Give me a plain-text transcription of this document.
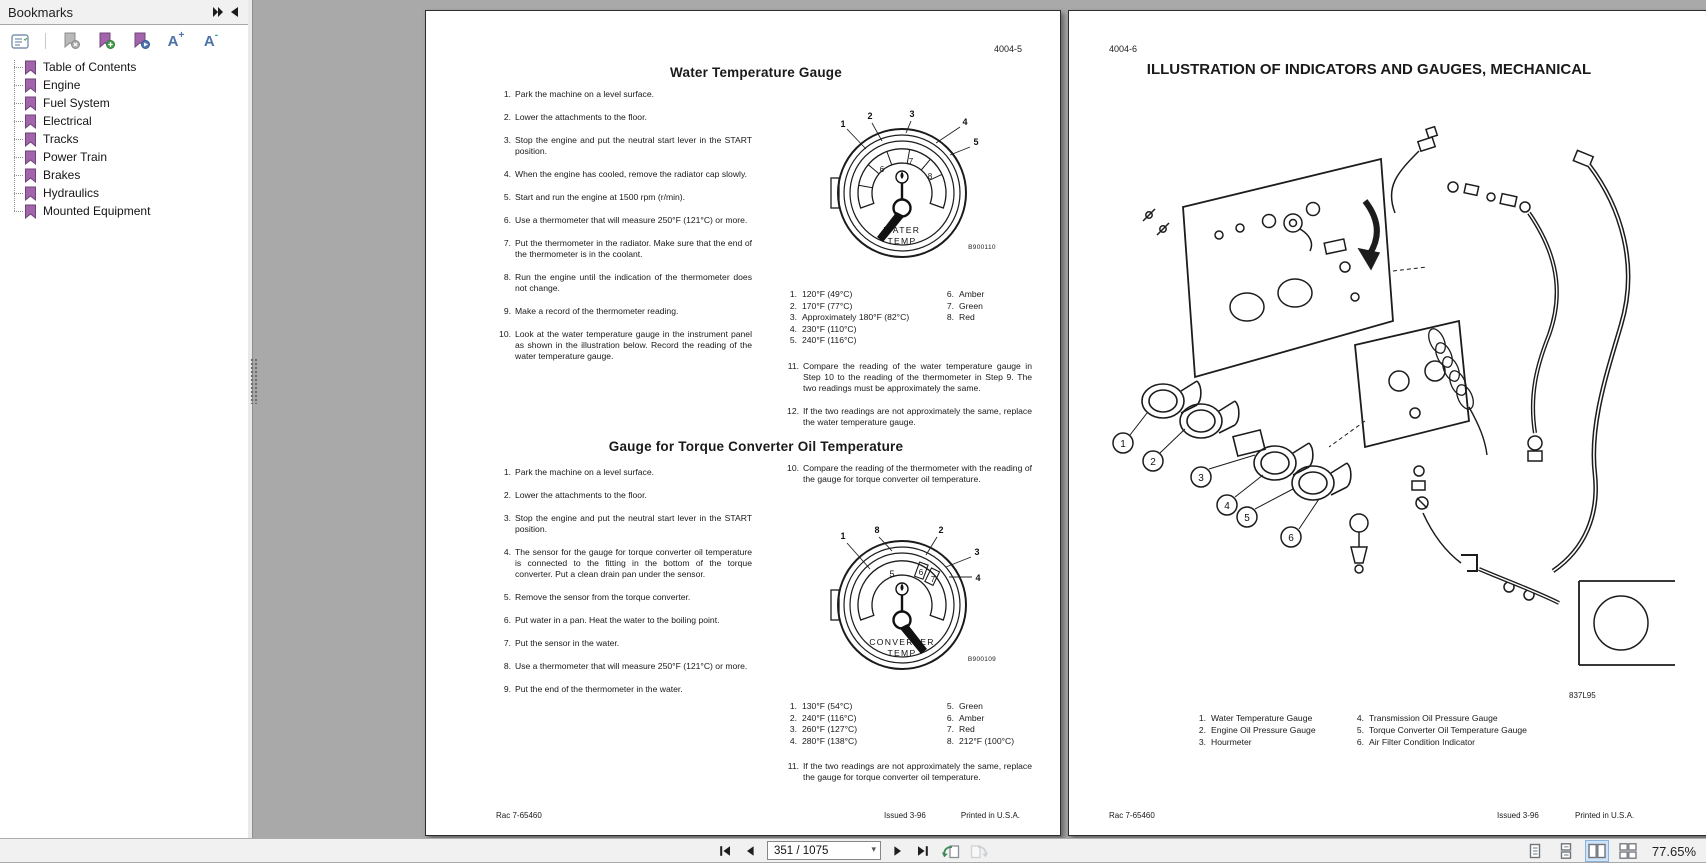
Bookmarks
A + A -
Table of Contents
Engine
Fuel System
Electrical
Tracks
Power Train
Brakes
Hydraulics
Mounted Equipment
4004-5
Water Temperature Gauge
1. Park the machine on a level surface.
2. Lower the attachments to the floor.
3. Stop the engine and put the neutral start lever in the START position.
4. When the engine has cooled, remove the radiator cap slowly.
5. Start and run the engine at 1500 rpm (r/min).
6. Use a thermometer that will measure 250°F (121°C) or more.
7. Put the thermometer in the radiator. Make sure that the end of the thermometer is in the coolant.
8. Run the engine until the indication of the thermometer does not change.
9. Make a record of the thermometer reading.
10. Look at the water temperature gauge in the instrument panel as shown in the illustration below. Record the reading of the water temperature gauge.
1
2	3
4
5
6
7
8
WATER
TEMP
B900110
1. 120°F (49°C)
2. 170°F (77°C)
3. Approximately 180°F (82°C)
4. 230°F (110°C)
5. 240°F (116°C)
6. Amber
7. Green
8. Red
11. Compare the reading of the water temperature gauge in Step 10 to the reading of the thermometer in Step 9. The two readings must be approximately the same.
12. If the two readings are not approximately the same, replace the water temperature gauge.
Gauge for Torque Converter Oil Temperature
1. Park the machine on a level surface.
2. Lower the attachments to the floor.
3. Stop the engine and put the neutral start lever in the START position.
4. The sensor for the gauge for torque converter oil temperature is connected to the fitting in the bottom of the torque converter. Put a clean drain pan under the sensor.
5. Remove the sensor from the torque converter.
6. Put water in a pan. Heat the water to the boiling point.
7. Put the sensor in the water.
8. Use a thermometer that will measure 250°F (121°C) or more.
9. Put the end of the thermometer in the water.
10. Compare the reading of the thermometer with the reading of the gauge for torque converter oil temperature.
1
8	2
3
4
5	6
7
CONVERTER
TEMP
B900109
1. 130°F (54°C)
2. 240°F (116°C)
3. 260°F (127°C)
4. 280°F (138°C)
5. Green
6. Amber
7. Red
8. 212°F (100°C)
11. If the two readings are not approximately the same, replace the gauge for torque converter oil temperature.
Rac 7-65460	Issued 3-96	Printed in U.S.A.
4004-6
ILLUSTRATION OF INDICATORS AND GAUGES, MECHANICAL
1
2
3
4
5
6
837L95
1. Water Temperature Gauge
2. Engine Oil Pressure Gauge
3. Hourmeter
4. Transmission Oil Pressure Gauge
5. Torque Converter Oil Temperature Gauge
6. Air Filter Condition Indicator
Rac 7-65460	Issued 3-96	Printed in U.S.A.
351 / 1075
▾	77.65%
